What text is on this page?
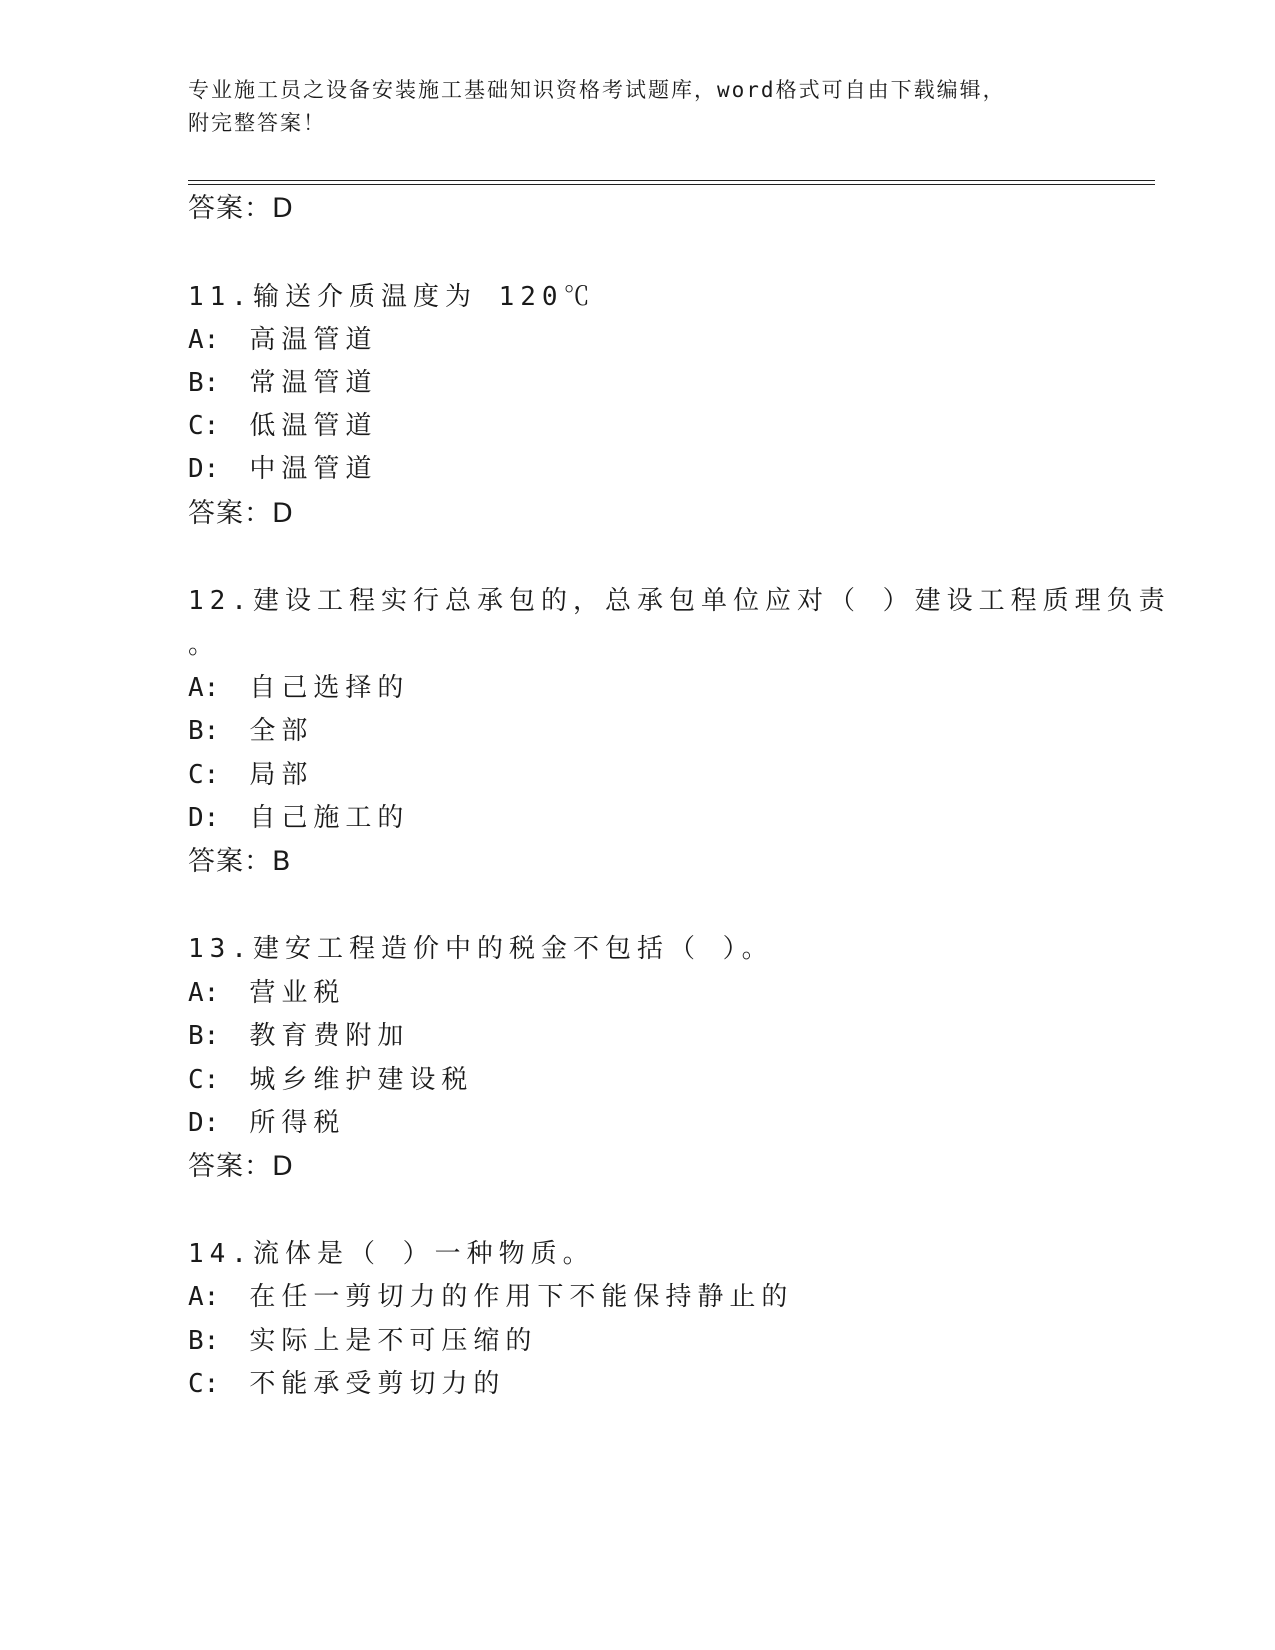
专业施工员之设备安装施工基础知识资格考试题库，word格式可自由下载编辑，
附完整答案！
答案：D
11.输送介质温度为 120℃
A: 高温管道
B: 常温管道
C: 低温管道
D: 中温管道
答案：D
12.建设工程实行总承包的，总承包单位应对（ ）建设工程质理负责
。
A: 自己选择的
B: 全部
C: 局部
D: 自己施工的
答案：B
13.建安工程造价中的税金不包括（ ）。
A: 营业税
B: 教育费附加
C: 城乡维护建设税
D: 所得税
答案：D
14.流体是（ ）一种物质。
A: 在任一剪切力的作用下不能保持静止的
B: 实际上是不可压缩的
C: 不能承受剪切力的
